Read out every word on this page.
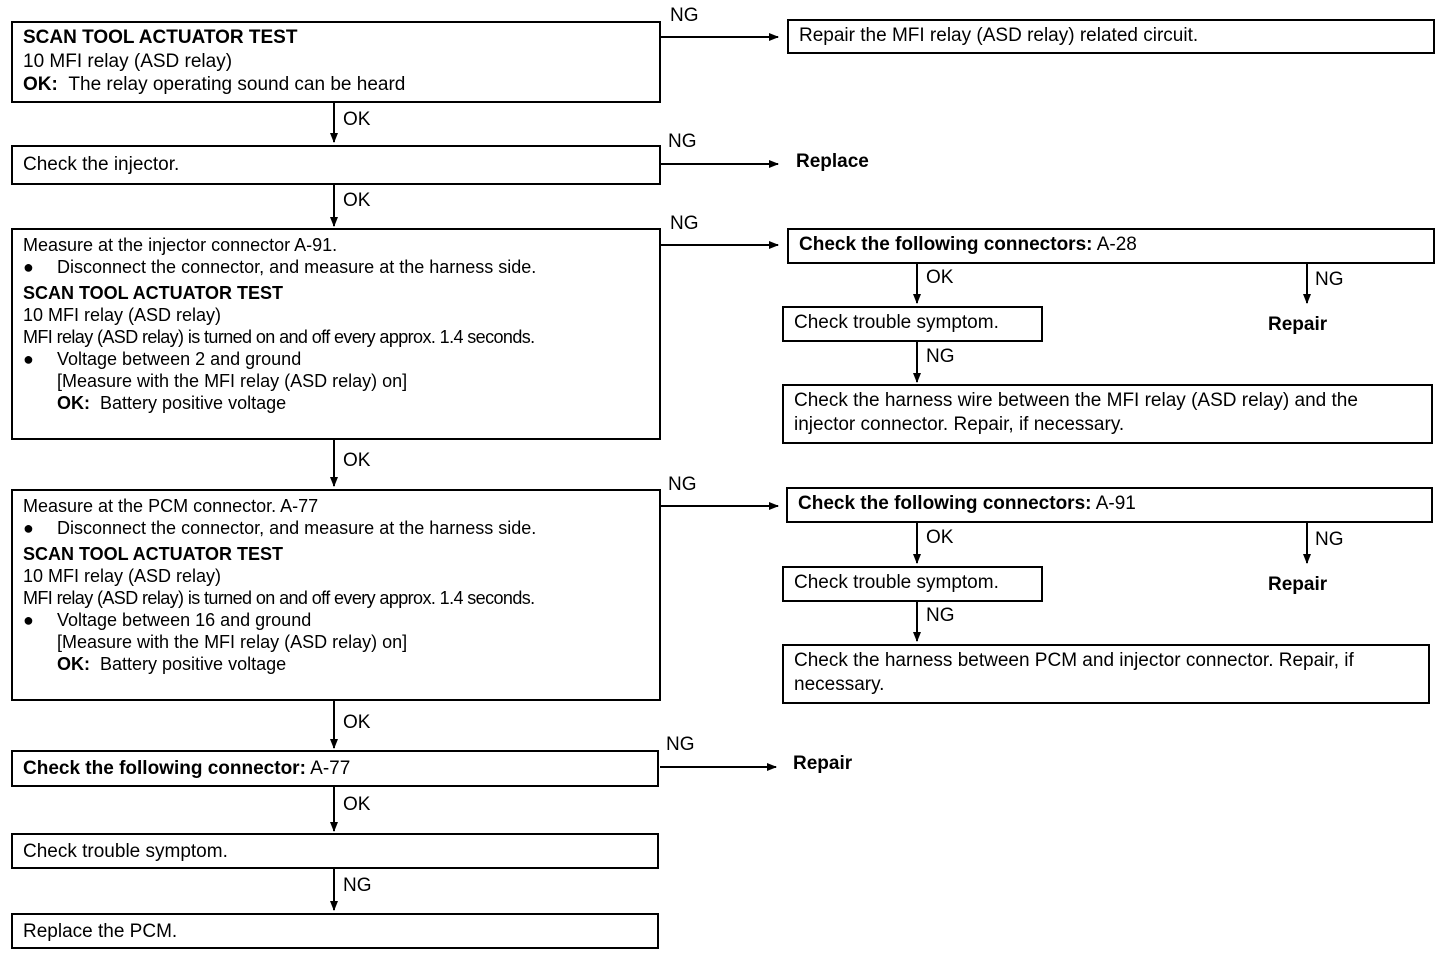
SCAN TOOL ACTUATOR TEST
10 MFI relay (ASD relay)
OK: The relay operating sound can be heard
NG
Repair the MFI relay (ASD relay) related circuit.
OK
Check the injector.
NG
Replace
OK
Measure at the injector connector A-91.
● Disconnect the connector, and measure at the harness side.
SCAN TOOL ACTUATOR TEST
10 MFI relay (ASD relay)
MFI relay (ASD relay) is turned on and off every approx. 1.4 seconds.
● Voltage between 2 and ground
[Measure with the MFI relay (ASD relay) on]
OK: Battery positive voltage
NG
Check the following connectors: A-28
OK	NG
Check trouble symptom.	Repair
NG
Check the harness wire between the MFI relay (ASD relay) and the injector connector. Repair, if necessary.
OK
Measure at the PCM connector. A-77
● Disconnect the connector, and measure at the harness side.
SCAN TOOL ACTUATOR TEST
10 MFI relay (ASD relay)
MFI relay (ASD relay) is turned on and off every approx. 1.4 seconds.
● Voltage between 16 and ground
[Measure with the MFI relay (ASD relay) on]
OK: Battery positive voltage
NG
Check the following connectors: A-91
OK	NG
Check trouble symptom.	Repair
NG
Check the harness between PCM and injector connector. Repair, if necessary.
OK
Check the following connector: A-77
NG
Repair
OK
Check trouble symptom.
NG
Replace the PCM.
